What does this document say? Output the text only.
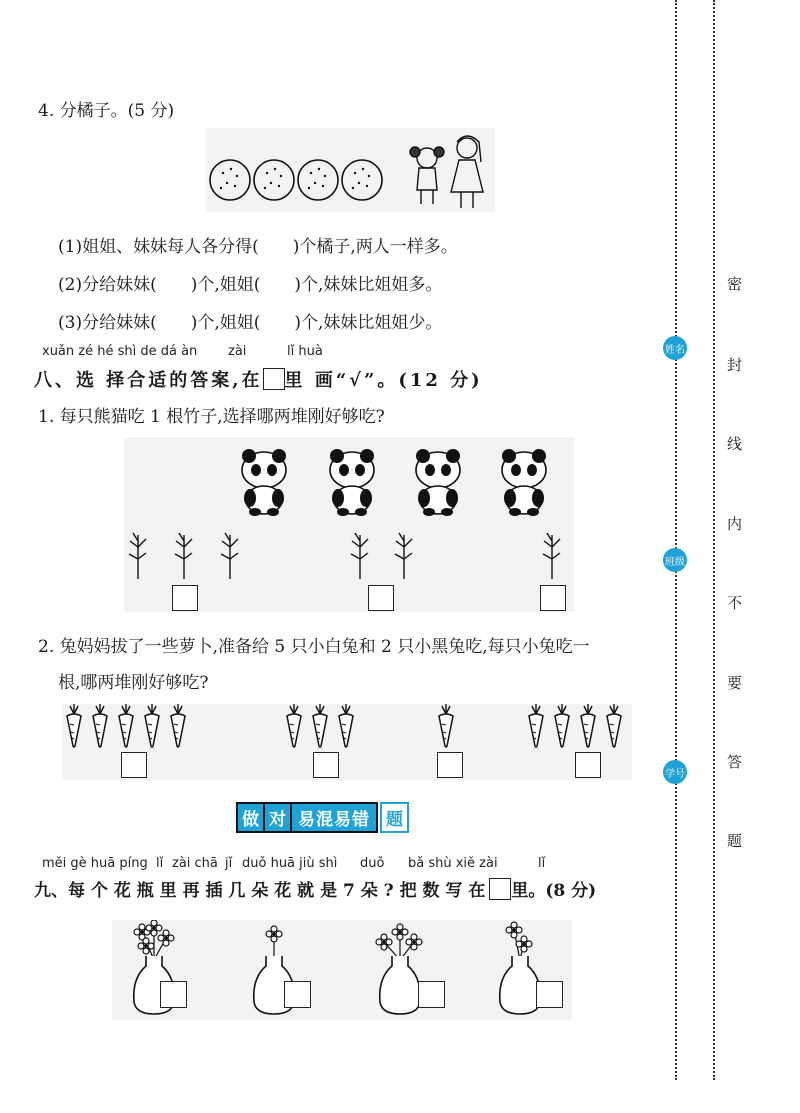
4. 分橘子。(5 分)
(1)姐姐、妹妹每人各分得(　　)个橘子,两人一样多。
(2)分给妹妹(　　)个,姐姐(　　)个,妹妹比姐姐多。
(3)分给妹妹(　　)个,姐姐(　　)个,妹妹比姐姐少。
xuǎn zé hé shì de dá àn zài	lǐ huà
八、选 择合适的答案,在 里 画“√”。(12 分)
1. 每只熊猫吃 1 根竹子,选择哪两堆刚好够吃?
2. 兔妈妈拔了一些萝卜,准备给 5 只小白兔和 2 只小黑兔吃,每只小兔吃一
根,哪两堆刚好够吃?
做 对 易混易错 题
měi gè huā píng lǐ zài chā jǐ duǒ huā jiù shì duǒ bǎ shù xiě zài	lǐ
九、每 个 花 瓶 里 再 插 几 朵 花 就 是 7 朵 ? 把 数 写 在 里。(8 分)
姓名
班级
学号
密
封
线
内
不
要
答
题
